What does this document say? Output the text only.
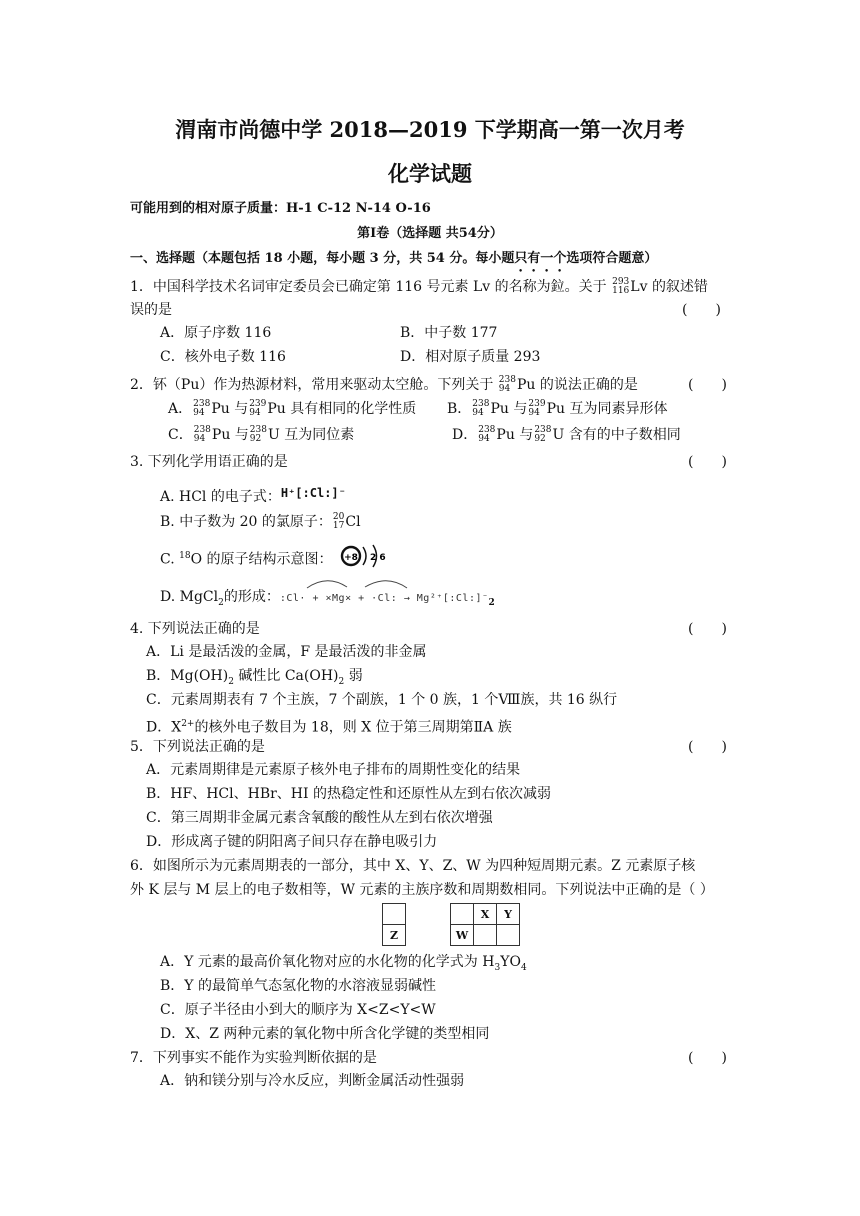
渭南市尚德中学 2018—2019 下学期高一第一次月考
化学试题
可能用到的相对原子质量：H-1 C-12 N-14 O-16
第Ⅰ卷（选择题 共54分）
一、选择题（本题包括 18 小题，每小题 3 分，共 54 分。每小题只有一个选项符合题意）
1．中国科学技术名词审定委员会已确定第 116 号元素 Lv 的名称为鉝。关于 293
116 Lv 的叙述错
误的是	(　　)
A．原子序数 116	B．中子数 177
C．核外电子数 116	D．相对原子质量 293
2．钚（Pu）作为热源材料，常用来驱动太空舱。下列关于 238
94 Pu 的说法正确的是	(　　)
A． 238
94 Pu 与 239
94 Pu 具有相同的化学性质 B． 238
94 Pu 与 239
94 Pu 互为同素异形体
C． 238
94 Pu 与 238
92 U 互为同位素	D． 238
94 Pu 与 238
92 U 含有的中子数相同
3. 下列化学用语正确的是	(　　)
A. HCl 的电子式：H⁺[:Cl:]⁻
B. 中子数为 20 的氯原子： 20
17 Cl
C. $^{18}$O 的原子结构示意图： +8 2 6
D. MgCl$_2$的形成：:Cl· + ×Mg× + ·Cl: → $Mg^{2+}[:Cl:]^-_2$
4. 下列说法正确的是	(　　)
A．Li 是最活泼的金属，F 是最活泼的非金属
B．$Mg(OH)_2$ 碱性比 $Ca(OH)_2$ 弱
C．元素周期表有 7 个主族，7 个副族，1 个 0 族，1 个Ⅷ族，共 16 纵行
D．$X^{2+}$的核外电子数目为 18，则 X 位于第三周期第ⅡA 族
5．下列说法正确的是	(　　)
A．元素周期律是元素原子核外电子排布的周期性变化的结果
B．HF、HCl、HBr、HI 的热稳定性和还原性从左到右依次减弱
C．第三周期非金属元素含氧酸的酸性从左到右依次增强
D．形成离子键的阴阳离子间只存在静电吸引力
6．如图所示为元素周期表的一部分，其中 X、Y、Z、W 为四种短周期元素。Z 元素原子核
外 K 层与 M 层上的电子数相等，W 元素的主族序数和周期数相同。下列说法中正确的是（ ）
				X	Y
Z			W		
A．Y 元素的最高价氧化物对应的水化物的化学式为 $H_3YO_4$
B．Y 的最简单气态氢化物的水溶液显弱碱性
C．原子半径由小到大的顺序为 X<Z<Y<W
D．X、Z 两种元素的氧化物中所含化学键的类型相同
7．下列事实不能作为实验判断依据的是	(　　)
A．钠和镁分别与冷水反应，判断金属活动性强弱
